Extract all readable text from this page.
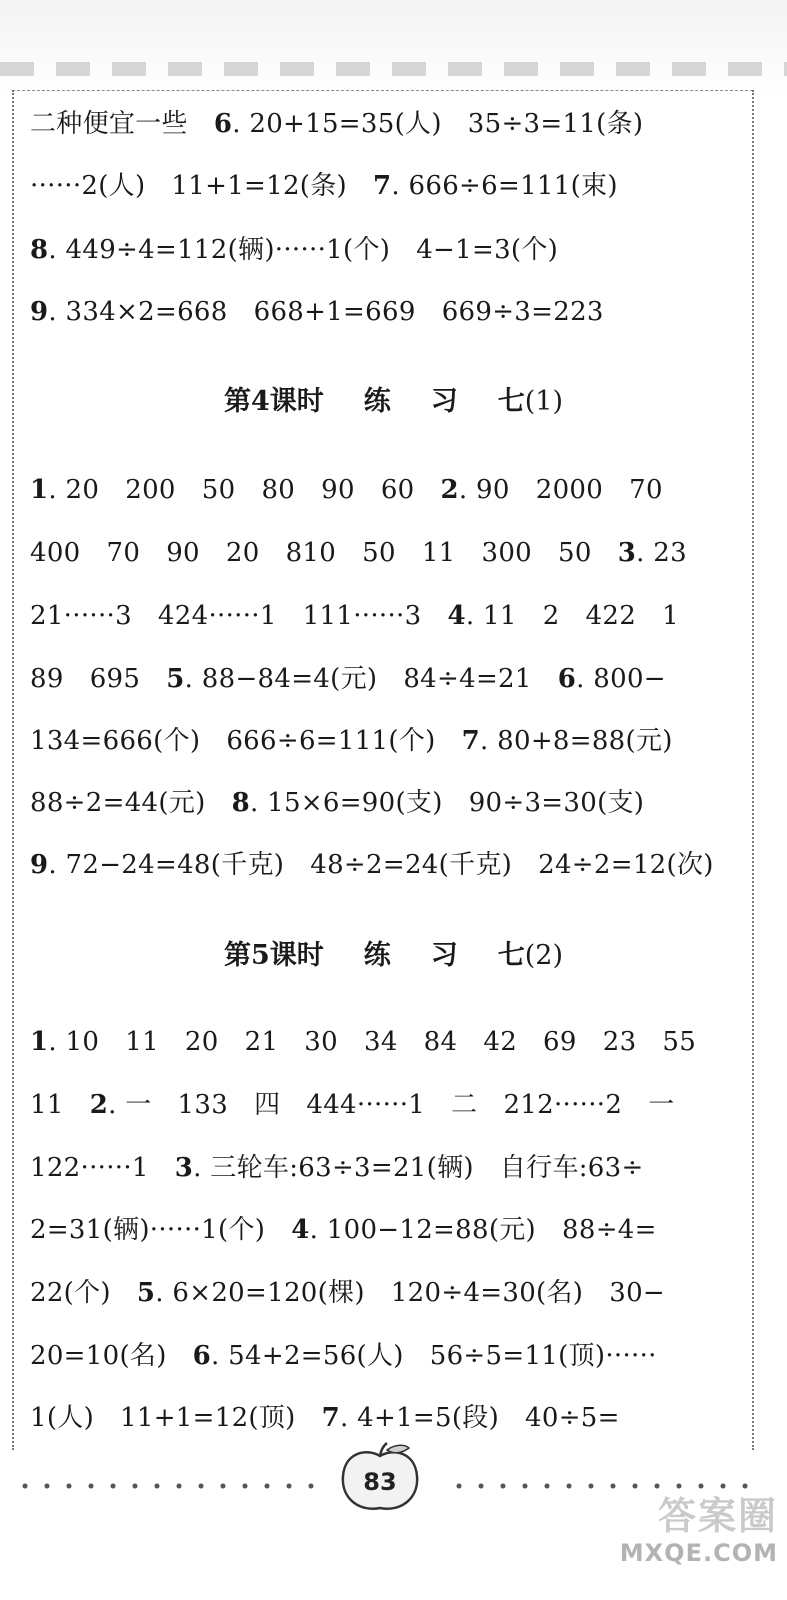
二种便宜一些 6. 20+15=35(人) 35÷3=11(条)
······2(人) 11+1=12(条) 7. 666÷6=111(束)
8. 449÷4=112(辆)······1(个) 4−1=3(个)
9. 334×2=668 668+1=669 669÷3=223
1. 20 200 50 80 90 60 2. 90 2000 70
400 70 90 20 810 50 11 300 50 3. 23
21······3 424······1 111······3 4. 11 2 422 1
89 695 5. 88−84=4(元) 84÷4=21 6. 800−
134=666(个) 666÷6=111(个) 7. 80+8=88(元)
88÷2=44(元) 8. 15×6=90(支) 90÷3=30(支)
9. 72−24=48(千克) 48÷2=24(千克) 24÷2=12(次)
1. 10 11 20 21 30 34 84 42 69 23 55
11 2. 一 133 四 444······1 二 212······2 一
122······1 3. 三轮车:63÷3=21(辆) 自行车:63÷
2=31(辆)······1(个) 4. 100−12=88(元) 88÷4=
22(个) 5. 6×20=120(棵) 120÷4=30(名) 30−
20=10(名) 6. 54+2=56(人) 56÷5=11(顶)······
1(人) 11+1=12(顶) 7. 4+1=5(段) 40÷5=
第4课时 练 习 七(1)
第5课时 练 习 七(2)
83
答案圈
MXQE.COM
